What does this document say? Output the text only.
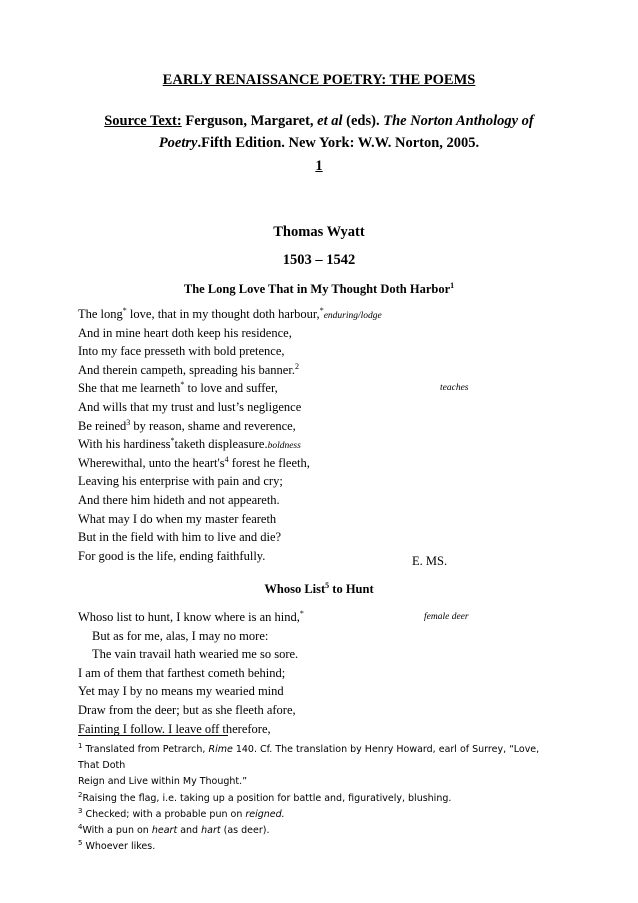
EARLY RENAISSANCE POETRY: THE POEMS
Source Text: Ferguson, Margaret, et al (eds). The Norton Anthology of Poetry.Fifth Edition. New York: W.W. Norton, 2005.
1
Thomas Wyatt
1503 – 1542
The Long Love That in My Thought Doth Harbor$^1$
The long* love, that in my thought doth harbour,*enduring/lodge
And in mine heart doth keep his residence,
Into my face presseth with bold pretence,
And therein campeth, spreading his banner.$^2$
She that me learneth* to love and suffer,	teaches
And wills that my trust and lust’s negligence
Be reined$^3$ by reason, shame and reverence,
With his hardiness*taketh displeasure.boldness
Wherewithal, unto the $heart's^4$ forest he fleeth,
Leaving his enterprise with pain and cry;
And there him hideth and not appeareth.
What may I do when my master feareth
But in the field with him to live and die?
For good is the life, ending faithfully.	E. MS.
Whoso List$^5$ to Hunt
Whoso list to hunt, I know where is an hind,*	female deer
But as for me, alas, I may no more:
The vain travail hath wearied me so sore.
I am of them that farthest cometh behind;
Yet may I by no means my wearied mind
Draw from the deer; but as she fleeth afore,
Fainting I follow. I leave off therefore,
$^1$ Translated from Petrarch, Rime 140. Cf. The translation by Henry Howard, earl of Surrey, “Love, That Doth
Reign and Live within My Thought.”
$^2$Raising the flag, i.e. taking up a position for battle and, figuratively, blushing.
$^3$ Checked; with a probable pun on reigned.
$^4$With a pun on heart and hart (as deer).
$^5$ Whoever likes.
